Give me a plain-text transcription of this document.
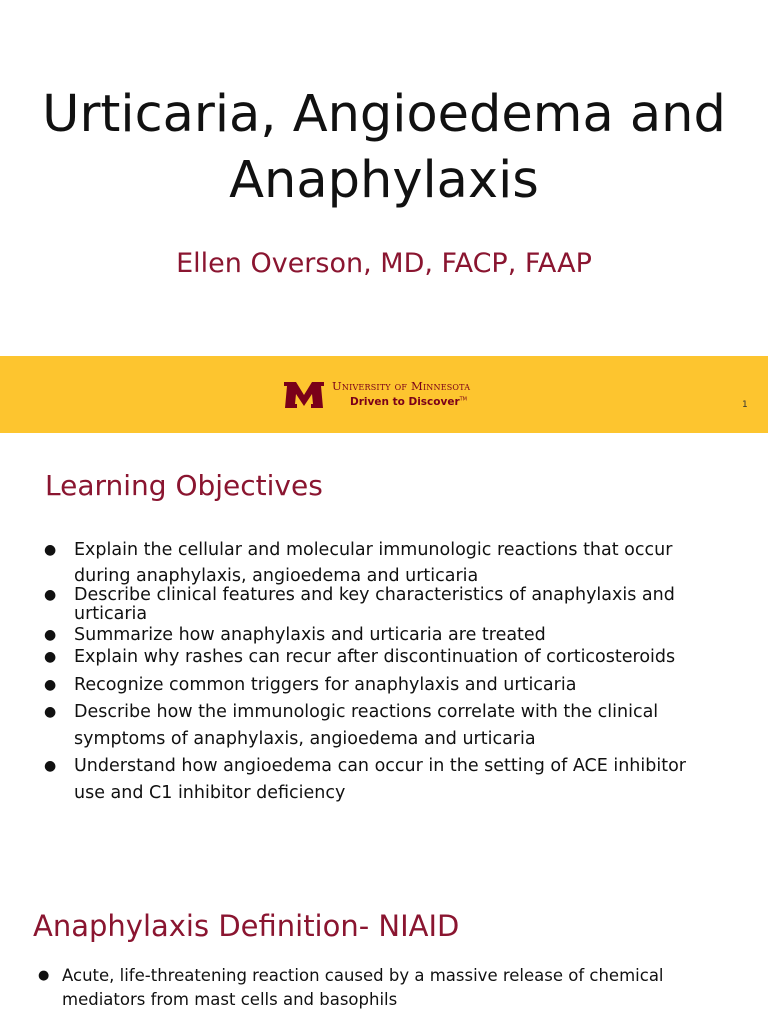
Urticaria, Angioedema and Anaphylaxis
Ellen Overson, MD, FACP, FAAP
University of Minnesota
Driven to Discover™
1
Learning Objectives
● Explain the cellular and molecular immunologic reactions that occur during anaphylaxis, angioedema and urticaria
● Describe clinical features and key characteristics of anaphylaxis and urticaria
● Summarize how anaphylaxis and urticaria are treated
● Explain why rashes can recur after discontinuation of corticosteroids
● Recognize common triggers for anaphylaxis and urticaria
● Describe how the immunologic reactions correlate with the clinical symptoms of anaphylaxis, angioedema and urticaria
● Understand how angioedema can occur in the setting of ACE inhibitor use and C1 inhibitor deficiency
Anaphylaxis Definition- NIAID
● Acute, life-threatening reaction caused by a massive release of chemical mediators from mast cells and basophils
